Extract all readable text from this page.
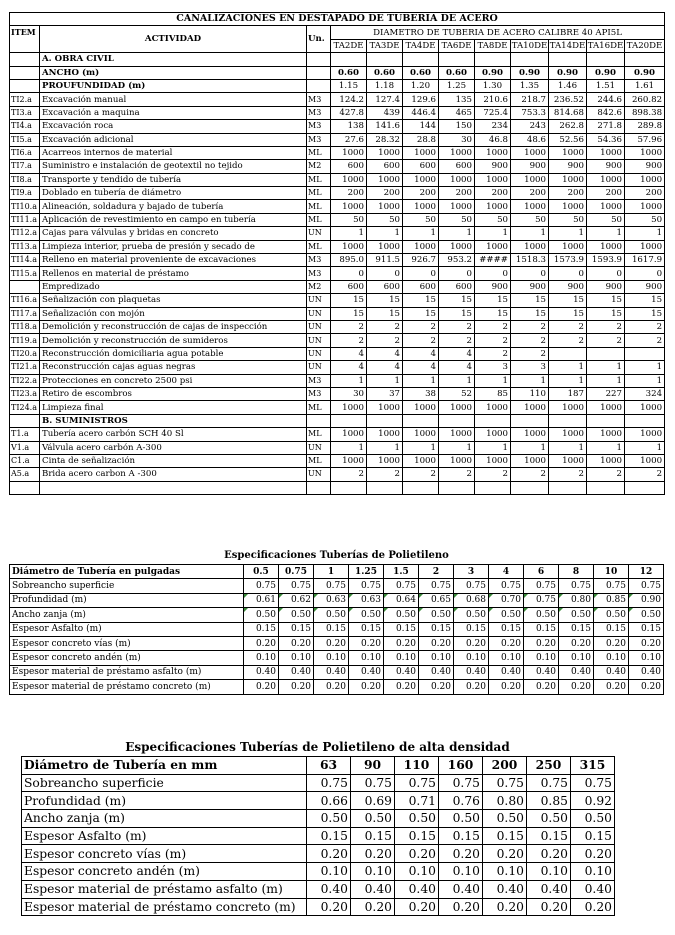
CANALIZACIONES EN DESTAPADO DE TUBERIA DE ACERO											
ITEM	ACTIVIDAD	Un.	DIAMETRO DE TUBERIA DE ACERO CALIBRE 40 API5L								
			TA2DE	TA3DE	TA4DE	TA6DE	TA8DE	TA10DE	TA14DE	TA16DE	TA20DE
	A. OBRA CIVIL										
	ANCHO (m)		0.60	0.60	0.60	0.60	0.90	0.90	0.90	0.90	0.90
	PROUFUNDIDAD (m)		1.15	1.18	1.20	1.25	1.30	1.35	1.46	1.51	1.61
TI2.a	Excavación manual	M3	124.2	127.4	129.6	135	210.6	218.7	236.52	244.6	260.82
TI3.a	Excavación a maquina	M3	427.8	439	446.4	465	725.4	753.3	814.68	842.6	898.38
TI4.a	Excavación roca	M3	138	141.6	144	150	234	243	262.8	271.8	289.8
TI5.a	Excavación adicional	M3	27.6	28.32	28.8	30	46.8	48.6	52.56	54.36	57.96
TI6.a	Acarreos internos de material	ML	1000	1000	1000	1000	1000	1000	1000	1000	1000
TI7.a	Suministro e instalación de geotextil no tejido	M2	600	600	600	600	900	900	900	900	900
TI8.a	Transporte y tendido de tubería	ML	1000	1000	1000	1000	1000	1000	1000	1000	1000
TI9.a	Doblado en tubería de diámetro	ML	200	200	200	200	200	200	200	200	200
TI10.a	Alineación, soldadura y bajado de tubería	ML	1000	1000	1000	1000	1000	1000	1000	1000	1000
TI11.a	Aplicación de revestimiento en campo en tubería	ML	50	50	50	50	50	50	50	50	50
TI12.a	Cajas para válvulas y bridas en concreto	UN	1	1	1	1	1	1	1	1	1
TI13.a	Limpieza interior, prueba de presión y secado de	ML	1000	1000	1000	1000	1000	1000	1000	1000	1000
TI14.a	Relleno en material proveniente de excavaciones	M3	895.0	911.5	926.7	953.2	####	1518.3	1573.9	1593.9	1617.9
TI15.a	Rellenos en material de préstamo	M3	0	0	0	0	0	0	0	0	0
	Empredizado	M2	600	600	600	600	900	900	900	900	900
TI16.a	Señalización con plaquetas	UN	15	15	15	15	15	15	15	15	15
TI17.a	Señalización con mojón	UN	15	15	15	15	15	15	15	15	15
TI18.a	Demolición y reconstrucción de cajas de inspección	UN	2	2	2	2	2	2	2	2	2
TI19.a	Demolición y reconstrucción de sumideros	UN	2	2	2	2	2	2	2	2	2
TI20.a	Reconstrucción domiciliaria agua potable	UN	4	4	4	4	2	2			
TI21.a	Reconstrucción cajas aguas negras	UN	4	4	4	4	3	3	1	1	1
TI22.a	Protecciones en concreto 2500 psi	M3	1	1	1	1	1	1	1	1	1
TI23.a	Retiro de escombros	M3	30	37	38	52	85	110	187	227	324
TI24.a	Limpieza final	ML	1000	1000	1000	1000	1000	1000	1000	1000	1000
	B. SUMINISTROS										
T1.a	Tubería acero carbón SCH 40 Sl	ML	1000	1000	1000	1000	1000	1000	1000	1000	1000
V1.a	Válvula acero carbón A-300	UN	1	1	1	1	1	1	1	1	1
C1.a	Cinta de señalización	ML	1000	1000	1000	1000	1000	1000	1000	1000	1000
A5.a	Brida acero carbon A -300	UN	2	2	2	2	2	2	2	2	2

Especificaciones Tuberías de Polietileno
Diámetro de Tubería en pulgadas	0.5	0.75	1	1.25	1.5	2	3	4	6	8	10	12
Sobreancho superficie	0.75	0.75	0.75	0.75	0.75	0.75	0.75	0.75	0.75	0.75	0.75	0.75
Profundidad (m)	0.61	0.62	0.63	0.63	0.64	0.65	0.68	0.70	0.75	0.80	0.85	0.90
Ancho zanja (m)	0.50	0.50	0.50	0.50	0.50	0.50	0.50	0.50	0.50	0.50	0.50	0.50
Espesor Asfalto (m)	0.15	0.15	0.15	0.15	0.15	0.15	0.15	0.15	0.15	0.15	0.15	0.15
Espesor concreto vías (m)	0.20	0.20	0.20	0.20	0.20	0.20	0.20	0.20	0.20	0.20	0.20	0.20
Espesor concreto andén (m)	0.10	0.10	0.10	0.10	0.10	0.10	0.10	0.10	0.10	0.10	0.10	0.10
Espesor material de préstamo asfalto (m)	0.40	0.40	0.40	0.40	0.40	0.40	0.40	0.40	0.40	0.40	0.40	0.40
Espesor material de préstamo concreto (m)	0.20	0.20	0.20	0.20	0.20	0.20	0.20	0.20	0.20	0.20	0.20	0.20
Especificaciones Tuberías de Polietileno de alta densidad
Diámetro de Tubería en mm	63	90	110	160	200	250	315
Sobreancho superficie	0.75	0.75	0.75	0.75	0.75	0.75	0.75
Profundidad (m)	0.66	0.69	0.71	0.76	0.80	0.85	0.92
Ancho zanja (m)	0.50	0.50	0.50	0.50	0.50	0.50	0.50
Espesor Asfalto (m)	0.15	0.15	0.15	0.15	0.15	0.15	0.15
Espesor concreto vías (m)	0.20	0.20	0.20	0.20	0.20	0.20	0.20
Espesor concreto andén (m)	0.10	0.10	0.10	0.10	0.10	0.10	0.10
Espesor material de préstamo asfalto (m)	0.40	0.40	0.40	0.40	0.40	0.40	0.40
Espesor material de préstamo concreto (m)	0.20	0.20	0.20	0.20	0.20	0.20	0.20
